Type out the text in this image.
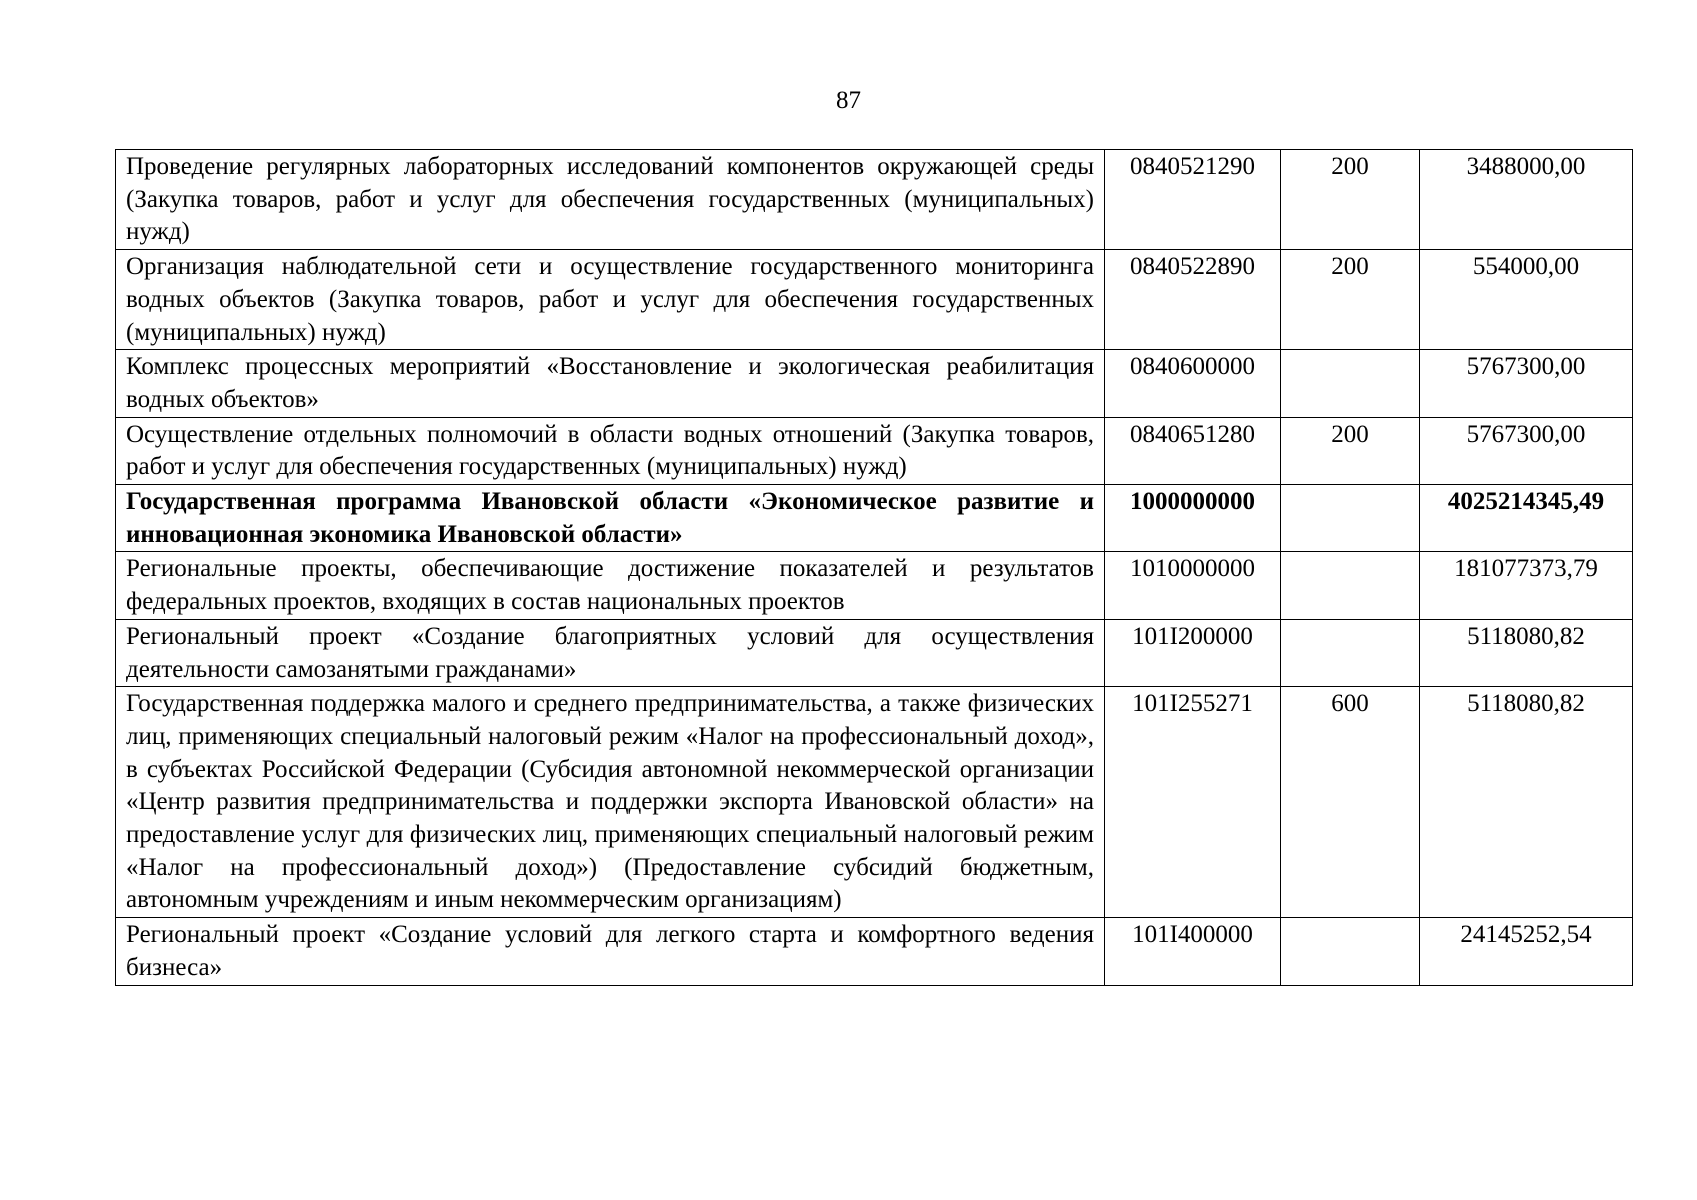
87
Проведение регулярных лабораторных исследований компонентов окружающей среды (Закупка товаров, работ и услуг для обеспечения государственных (муниципальных) нужд)	0840521290	200	3488000,00
Организация наблюдательной сети и осуществление государственного мониторинга водных объектов (Закупка товаров, работ и услуг для обеспечения государственных (муниципальных) нужд)	0840522890	200	554000,00
Комплекс процессных мероприятий «Восстановление и экологическая реабилитация водных объектов»	0840600000		5767300,00
Осуществление отдельных полномочий в области водных отношений (Закупка товаров, работ и услуг для обеспечения государственных (муниципальных) нужд)	0840651280	200	5767300,00
Государственная программа Ивановской области «Экономическое развитие и инновационная экономика Ивановской области»	1000000000		4025214345,49
Региональные проекты, обеспечивающие достижение показателей и результатов федеральных проектов, входящих в состав национальных проектов	1010000000		181077373,79
Региональный проект «Создание благоприятных условий для осуществления деятельности самозанятыми гражданами»	101I200000		5118080,82
Государственная поддержка малого и среднего предпринимательства, а также физических лиц, применяющих специальный налоговый режим «Налог на профессиональный доход», в субъектах Российской Федерации (Субсидия автономной некоммерческой организации «Центр развития предпринимательства и поддержки экспорта Ивановской области» на предоставление услуг для физических лиц, применяющих специальный налоговый режим «Налог на профессиональный доход») (Предоставление субсидий бюджетным, автономным учреждениям и иным некоммерческим организациям)	101I255271	600	5118080,82
Региональный проект «Создание условий для легкого старта и комфортного ведения бизнеса»	101I400000		24145252,54
